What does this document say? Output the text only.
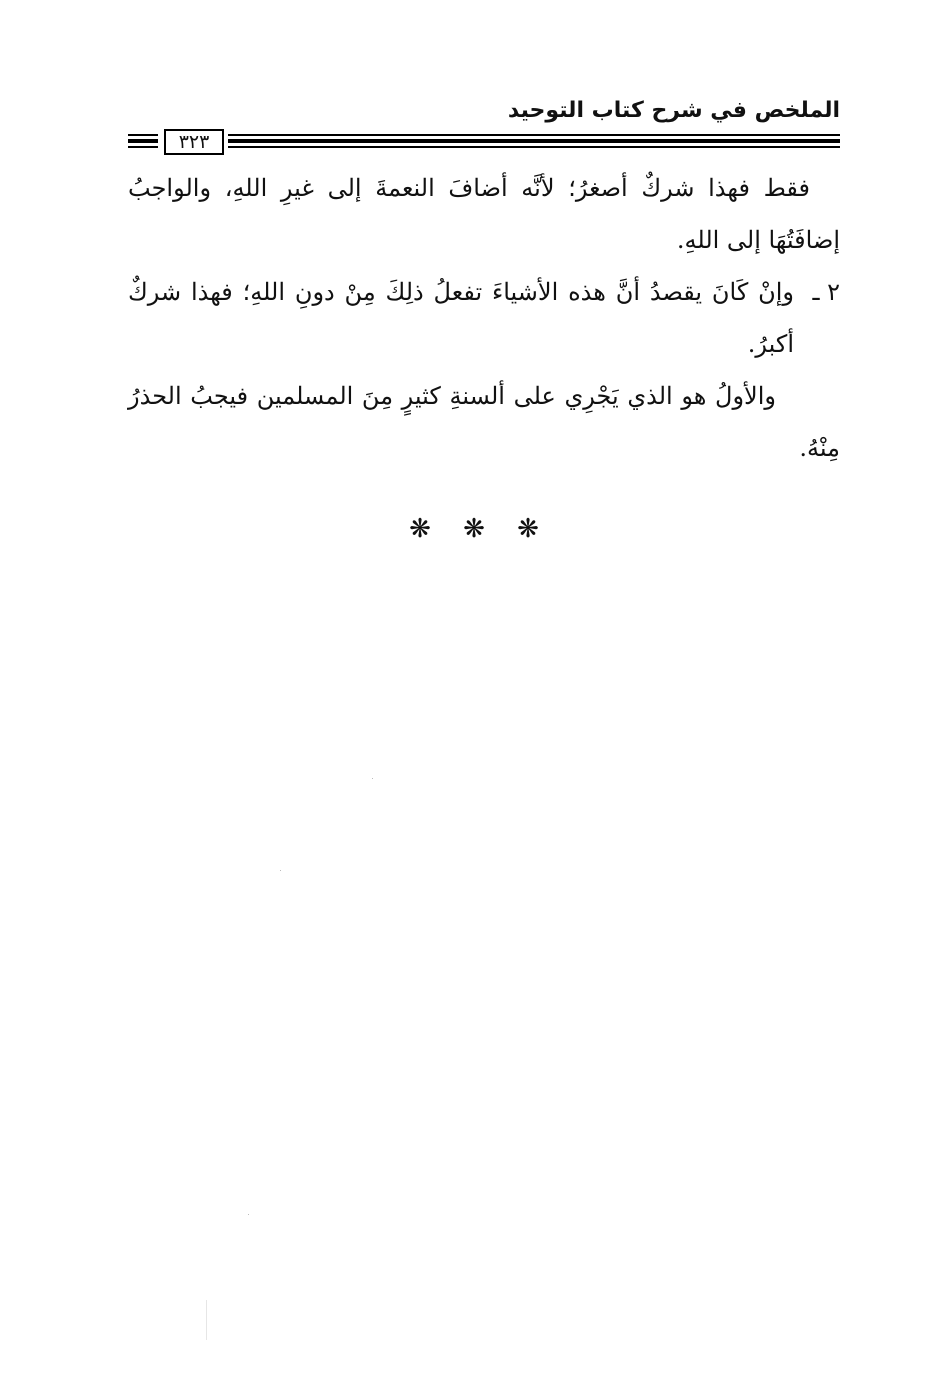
الملخص في شرح كتاب التوحيد
٣٢٣

فقط فهذا شركٌ أصغرُ؛ لأنَّه أضافَ النعمةَ إلى غيرِ اللهِ، والواجبُ إضافَتُهَا إلى اللهِ.

٢ ـ
وإنْ كَانَ يقصدُ أنَّ هذه الأشياءَ تفعلُ ذلِكَ مِنْ دونِ اللهِ؛ فهذا شركٌ أكبرُ.

والأولُ هو الذي يَجْرِي على ألسنةِ كثيرٍ مِنَ المسلمين فيجبُ الحذرُ مِنْهُ.

❋ ❋ ❋
